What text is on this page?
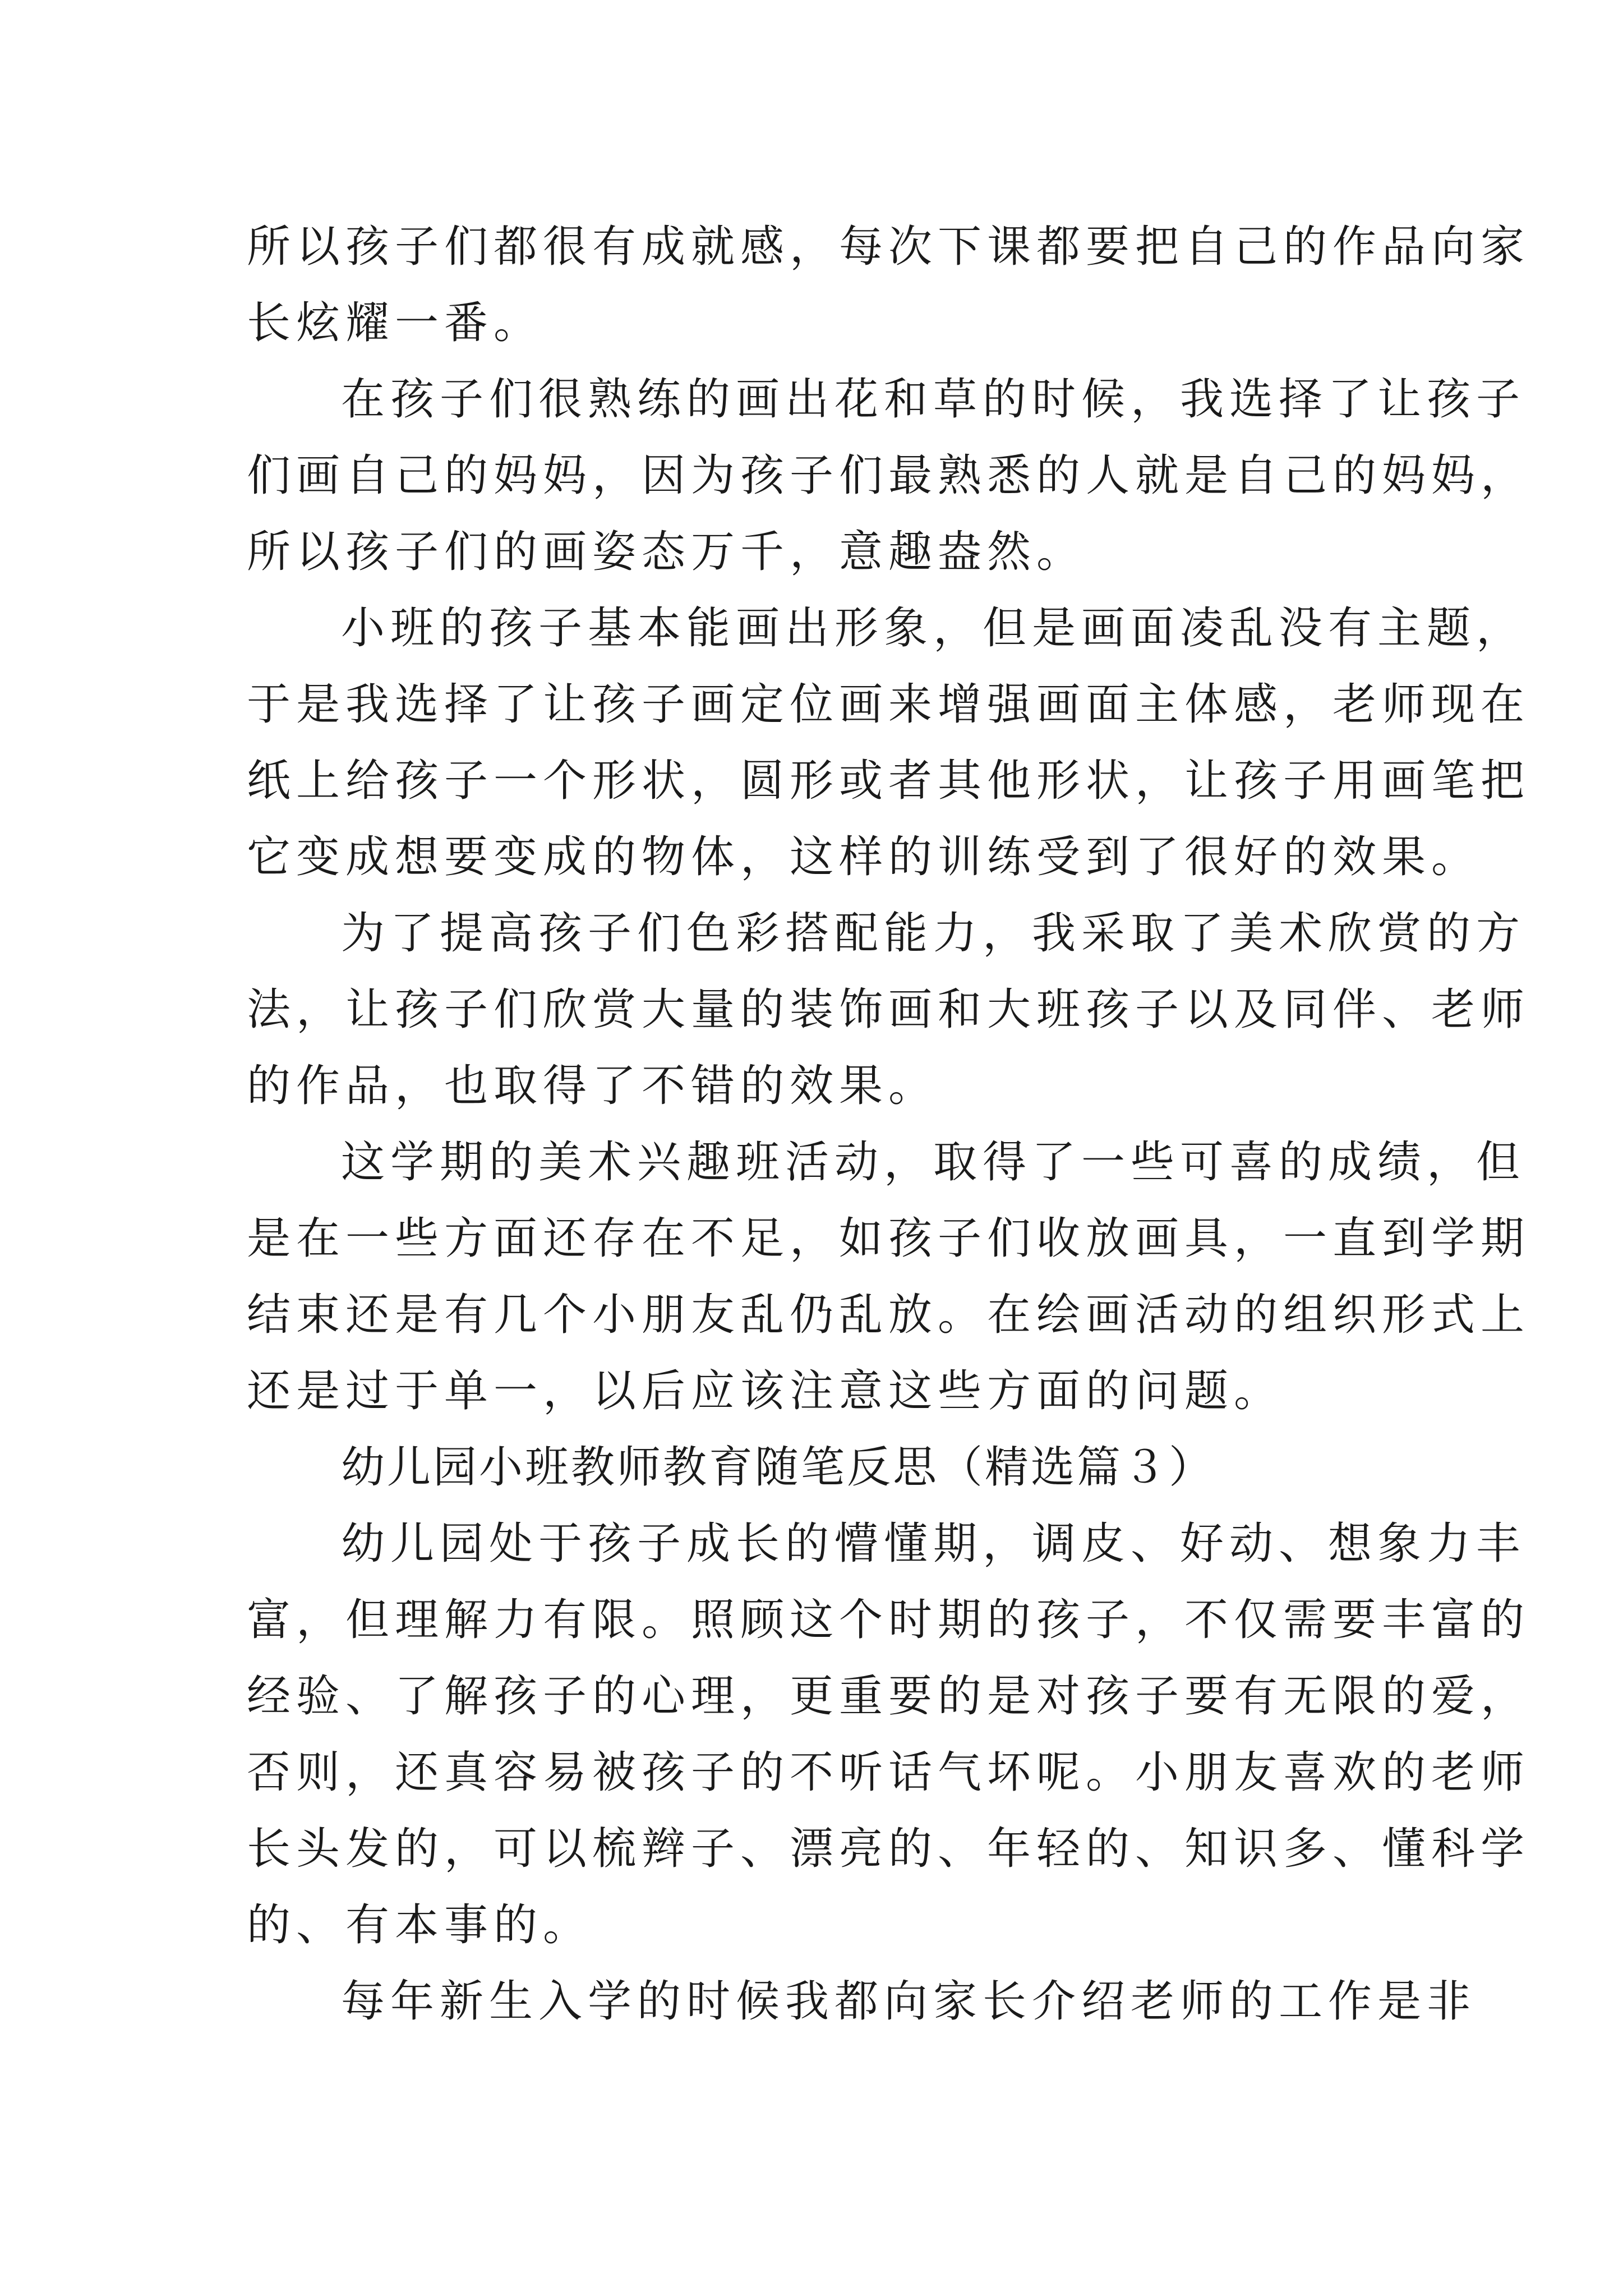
所以孩子们都很有成就感，每次下课都要把自己的作品向家
长炫耀一番。
在孩子们很熟练的画出花和草的时候，我选择了让孩子
们画自己的妈妈，因为孩子们最熟悉的人就是自己的妈妈，
所以孩子们的画姿态万千，意趣盎然。
小班的孩子基本能画出形象，但是画面凌乱没有主题，
于是我选择了让孩子画定位画来增强画面主体感，老师现在
纸上给孩子一个形状，圆形或者其他形状，让孩子用画笔把
它变成想要变成的物体，这样的训练受到了很好的效果。
为了提高孩子们色彩搭配能力，我采取了美术欣赏的方
法，让孩子们欣赏大量的装饰画和大班孩子以及同伴、老师
的作品，也取得了不错的效果。
这学期的美术兴趣班活动，取得了一些可喜的成绩，但
是在一些方面还存在不足，如孩子们收放画具，一直到学期
结束还是有几个小朋友乱仍乱放。在绘画活动的组织形式上
还是过于单一，以后应该注意这些方面的问题。
幼儿园小班教师教育随笔反思（精选篇３）
幼儿园处于孩子成长的懵懂期，调皮、好动、想象力丰
富，但理解力有限。照顾这个时期的孩子，不仅需要丰富的
经验、了解孩子的心理，更重要的是对孩子要有无限的爱，
否则，还真容易被孩子的不听话气坏呢。小朋友喜欢的老师
长头发的，可以梳辫子、漂亮的、年轻的、知识多、懂科学
的、有本事的。
每年新生入学的时候我都向家长介绍老师的工作是非
